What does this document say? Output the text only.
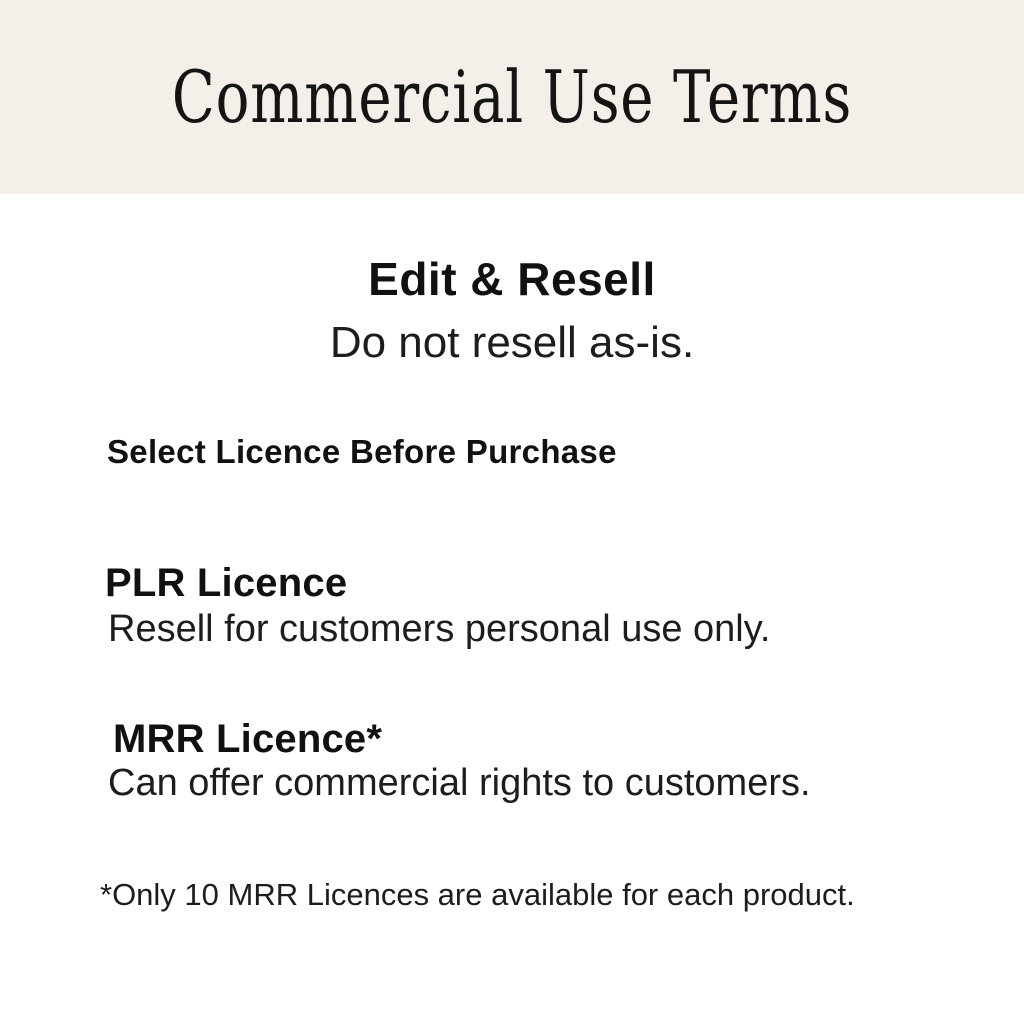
Commercial Use Terms
Edit & Resell
Do not resell as-is.
Select Licence Before Purchase
PLR Licence
Resell for customers personal use only.
MRR Licence*
Can offer commercial rights to customers.
*Only 10 MRR Licences are available for each product.
